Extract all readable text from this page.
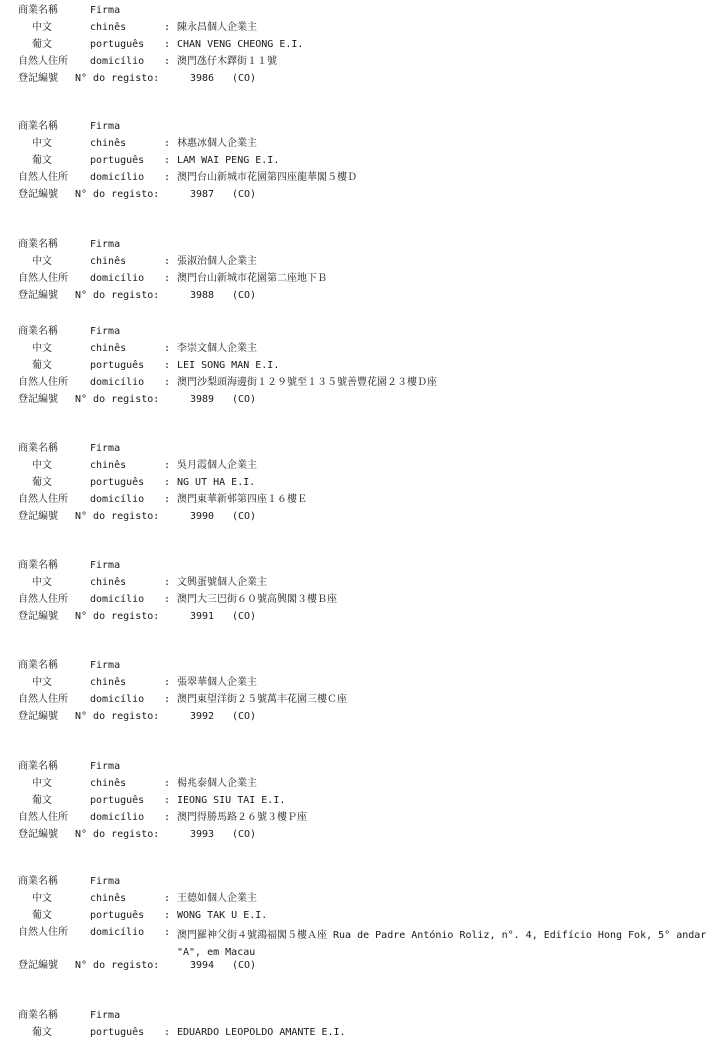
商業名稱	Firma
中文	chinês	: 陳永昌個人企業主
葡文	português : CHAN VENG CHEONG E.I.
自然人住所 domicílio : 澳門氹仔木鐸街１１號
登記編號 N° do registo:	3986 (CO)
商業名稱	Firma
中文	chinês	: 林惠冰個人企業主
葡文	português : LAM WAI PENG E.I.
自然人住所 domicílio : 澳門台山新城市花園第四座龍華閣５樓Ｄ
登記編號 N° do registo:	3987 (CO)
商業名稱	Firma
中文	chinês	: 張淑治個人企業主
自然人住所 domicílio : 澳門台山新城市花園第二座地下Ｂ
登記編號 N° do registo:	3988 (CO)
商業名稱	Firma
中文	chinês	: 李崇文個人企業主
葡文	português : LEI SONG MAN E.I.
自然人住所 domicílio : 澳門沙梨頭海邊街１２９號至１３５號善豐花園２３樓Ｄ座
登記編號 N° do registo:	3989 (CO)
商業名稱	Firma
中文	chinês	: 吳月霞個人企業主
葡文	português : NG UT HA E.I.
自然人住所 domicílio : 澳門東華新邨第四座１６樓Ｅ
登記編號 N° do registo:	3990 (CO)
商業名稱	Firma
中文	chinês	: 文興蛋號個人企業主
自然人住所 domicílio : 澳門大三巴街６０號高興閣３樓Ｂ座
登記編號 N° do registo:	3991 (CO)
商業名稱	Firma
中文	chinês	: 張翠華個人企業主
自然人住所 domicílio : 澳門東望洋街２５號萬丰花園三樓Ｃ座
登記編號 N° do registo:	3992 (CO)
商業名稱	Firma
中文	chinês	: 楊兆泰個人企業主
葡文	português : IEONG SIU TAI E.I.
自然人住所 domicílio : 澳門得勝馬路２６號３樓Ｐ座
登記編號 N° do registo:	3993 (CO)
商業名稱	Firma
中文	chinês	: 王德如個人企業主
葡文	português : WONG TAK U E.I.
自然人住所 domicílio : 澳門羅神父街４號鴻福閣５樓Ａ座 Rua de Padre António Roliz, n°. 4, Edifício Hong Fok, 5° andar "A", em Macau
登記編號 N° do registo:	3994 (CO)
商業名稱	Firma
葡文	português : EDUARDO LEOPOLDO AMANTE E.I.
